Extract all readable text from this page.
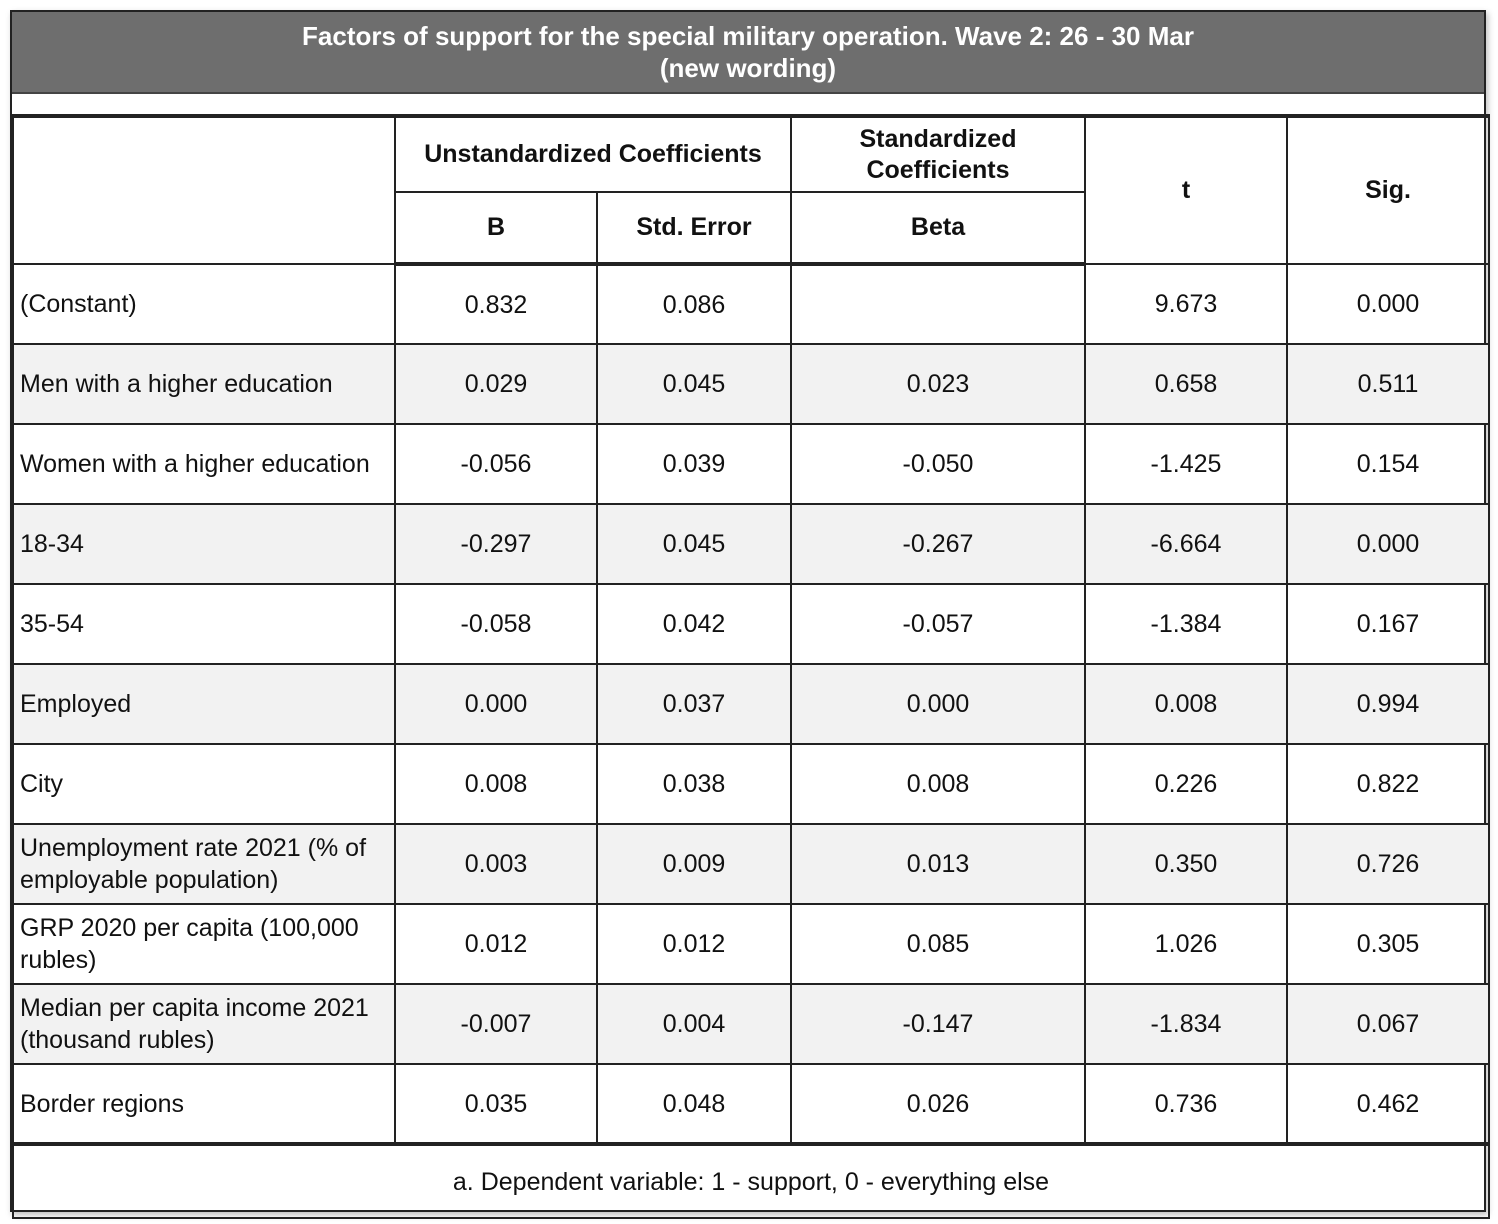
Factors of support for the special military operation. Wave 2: 26 - 30 Mar
(new wording)
	Unstandardized Coefficients		Standardized Coefficients	t	Sig.
	B	Std. Error	Beta		
(Constant)	0.832	0.086		9.673	0.000
Men with a higher education	0.029	0.045	0.023	0.658	0.511
Women with a higher education	-0.056	0.039	-0.050	-1.425	0.154
18-34	-0.297	0.045	-0.267	-6.664	0.000
35-54	-0.058	0.042	-0.057	-1.384	0.167
Employed	0.000	0.037	0.000	0.008	0.994
City	0.008	0.038	0.008	0.226	0.822
Unemployment rate 2021 (% of employable population)	0.003	0.009	0.013	0.350	0.726
GRP 2020 per capita (100,000 rubles)	0.012	0.012	0.085	1.026	0.305
Median per capita income 2021 (thousand rubles)	-0.007	0.004	-0.147	-1.834	0.067
Border regions	0.035	0.048	0.026	0.736	0.462
a. Dependent variable: 1 - support, 0 - everything else					
